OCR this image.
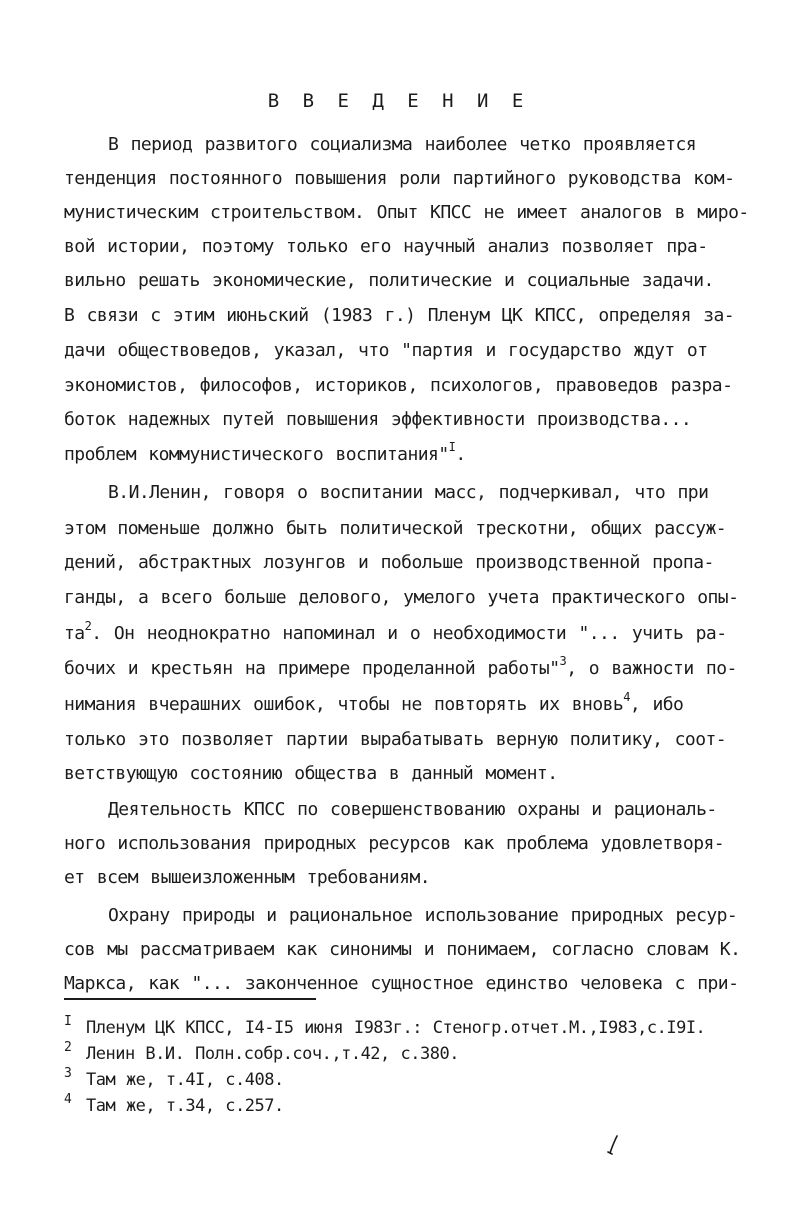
В В Е Д Е Н И Е
В период развитого социализма наиболее четко проявляется
тенденция постоянного повышения роли партийного руководства ком-
мунистическим строительством. Опыт КПСС не имеет аналогов в миро-
вой истории, поэтому только его научный анализ позволяет пра-
вильно решать экономические, политические и социальные задачи.
В связи с этим июньский (1983 г.) Пленум ЦК КПСС, определяя за-
дачи обществоведов, указал, что "партия и государство ждут от
экономистов, философов, историков, психологов, правоведов разра-
боток надежных путей повышения эффективности производства...
проблем коммунистического воспитания"$^I$.
В.И.Ленин, говоря о воспитании масс, подчеркивал, что при
этом поменьше должно быть политической трескотни, общих рассуж-
дений, абстрактных лозунгов и побольше производственной пропа-
ганды, а всего больше делового, умелого учета практического опы-
$та^2$. Он неоднократно напоминал и о необходимости "... учить ра-
бочих и крестьян на примере проделанной работы"$^3$, о важности по-
нимания вчерашних ошибок, чтобы не повторять их вновь$^4$, ибо
только это позволяет партии вырабатывать верную политику, соот-
ветствующую состоянию общества в данный момент.
Деятельность КПСС по совершенствованию охраны и рациональ-
ного использования природных ресурсов как проблема удовлетворя-
ет всем вышеизложенным требованиям.
Охрану природы и рациональное использование природных ресур-
сов мы рассматриваем как синонимы и понимаем, согласно словам К.
Маркса, как "... законченное сущностное единство человека с при-
I Пленум ЦК КПСС, I4-I5 июня I983г.: Стеногр.отчет.М.,I983,с.I9I.
2 Ленин В.И. Полн.собр.соч.,т.42, с.380.
3 Там же, т.4I, с.408.
4 Там же, т.34, с.257.
